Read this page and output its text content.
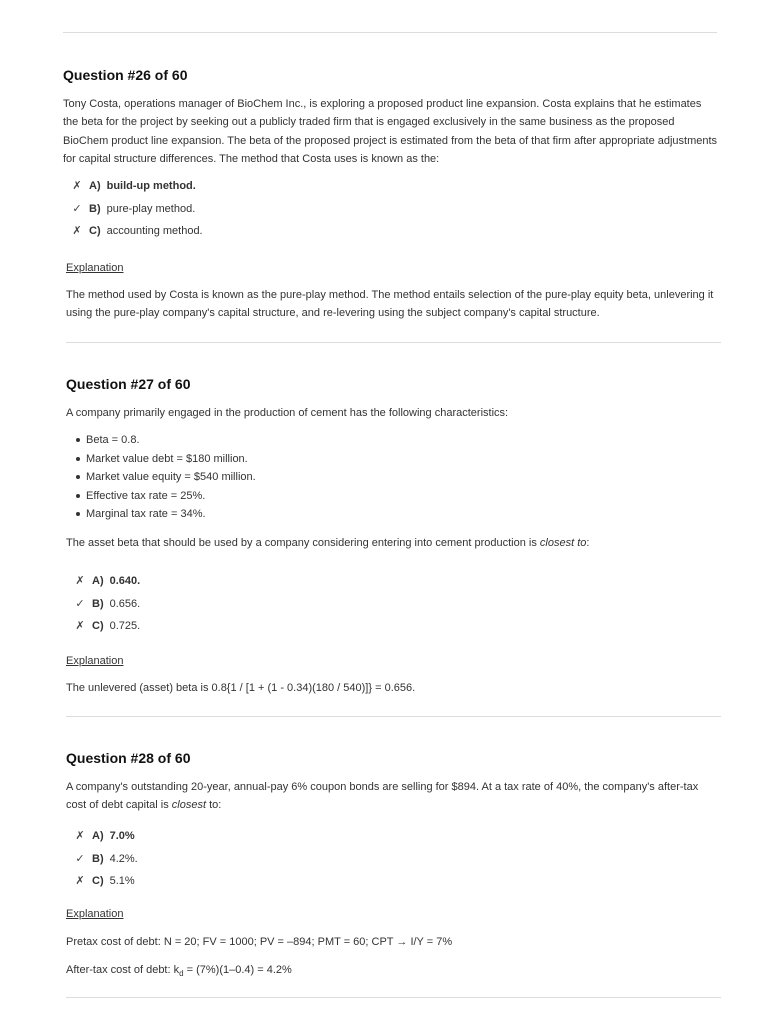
Question #26 of 60

Tony Costa, operations manager of BioChem Inc., is exploring a proposed product line expansion. Costa explains that he estimates the beta for the project by seeking out a publicly traded firm that is engaged exclusively in the same business as the proposed BioChem product line expansion. The beta of the proposed project is estimated from the beta of that firm after appropriate adjustments for capital structure differences. The method that Costa uses is known as the:

✗ A) build-up method.
✓ B) pure-play method.
✗ C) accounting method.

Explanation

The method used by Costa is known as the pure-play method. The method entails selection of the pure-play equity beta, unlevering it using the pure-play company's capital structure, and re-levering using the subject company's capital structure.

Question #27 of 60

A company primarily engaged in the production of cement has the following characteristics:

Beta = 0.8.
Market value debt = $180 million.
Market value equity = $540 million.
Effective tax rate = 25%.
Marginal tax rate = 34%.

The asset beta that should be used by a company considering entering into cement production is closest to:

✗ A) 0.640.
✓ B) 0.656.
✗ C) 0.725.

Explanation

The unlevered (asset) beta is 0.8{1 / [1 + (1 - 0.34)(180 / 540)]} = 0.656.

Question #28 of 60

A company's outstanding 20-year, annual-pay 6% coupon bonds are selling for $894. At a tax rate of 40%, the company's after-tax cost of debt capital is closest to:

✗ A) 7.0%
✓ B) 4.2%.
✗ C) 5.1%

Explanation

Pretax cost of debt: N = 20; FV = 1000; PV = –894; PMT = 60; CPT → I/Y = 7%

After-tax cost of debt: $k_d = (7\%)(1-0.4) = 4.2\%$
